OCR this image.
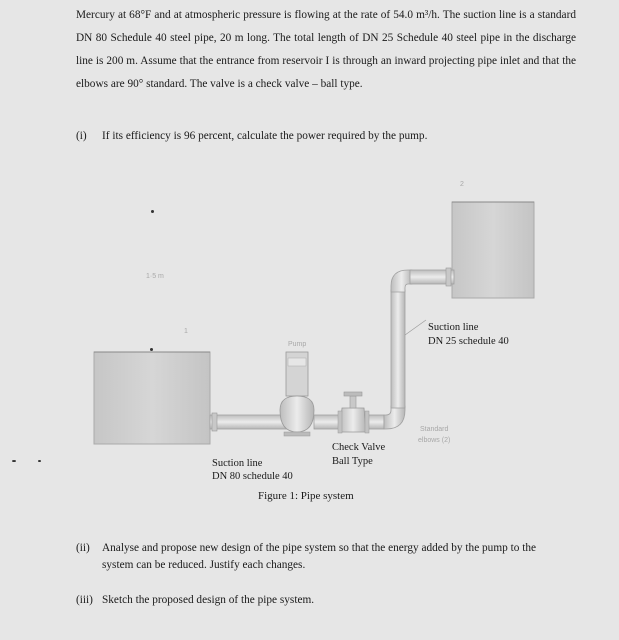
Mercury at 68°F and at atmospheric pressure is flowing at the rate of 54.0 m³/h. The suction line is a standard DN 80 Schedule 40 steel pipe, 20 m long. The total length of DN 25 Schedule 40 steel pipe in the discharge line is 200 m. Assume that the entrance from reservoir I is through an inward projecting pipe inlet and that the elbows are 90° standard. The valve is a check valve – ball type.
(i) If its efficiency is 96 percent, calculate the power required by the pump.
1·5 m
1
2
Pump
Standard
elbows (2)
Suction line
DN 25 schedule 40
Check Valve
Ball Type
Suction line
DN 80 schedule 40
Figure 1: Pipe system
(ii) Analyse and propose new design of the pipe system so that the energy added by the pump to the system can be reduced. Justify each changes.
(iii) Sketch the proposed design of the pipe system.
